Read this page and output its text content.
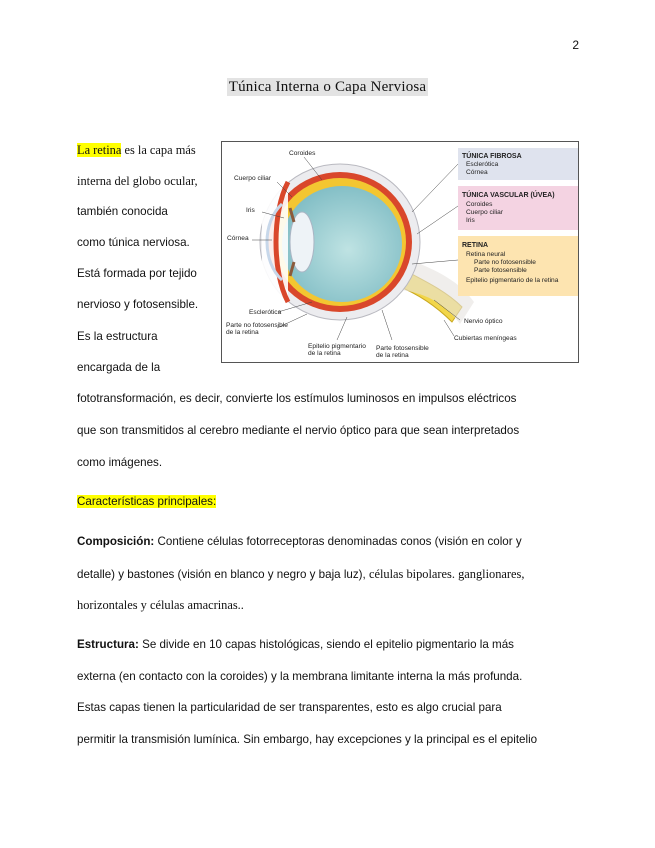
2
Túnica Interna o Capa Nerviosa
La retina es la capa más
interna del globo ocular,
también conocida
como túnica nerviosa.
Está formada por tejido
nervioso y fotosensible.
Es la estructura
encargada de la
fototransformación, es decir, convierte los estímulos luminosos en impulsos eléctricos
que son transmitidos al cerebro mediante el nervio óptico para que sean interpretados
como imágenes.
Características principales:
Composición: Contiene células fotorreceptoras denominadas conos (visión en color y
detalle) y bastones (visión en blanco y negro y baja luz), células bipolares. ganglionares,
horizontales y células amacrinas..
Estructura: Se divide en 10 capas histológicas, siendo el epitelio pigmentario la más
externa (en contacto con la coroides) y la membrana limitante interna la más profunda.
Estas capas tienen la particularidad de ser transparentes, esto es algo crucial para
permitir la transmisión lumínica. Sin embargo, hay excepciones y la principal es el epitelio
Coroides
Cuerpo ciliar
Iris
Córnea
Esclerótica
Parte no fotosensible
de la retina
Epitelio pigmentario
de la retina
Parte fotosensible
de la retina
Nervio óptico
Cubiertas meníngeas
TÚNICA FIBROSA
Esclerótica
Córnea
TÚNICA VASCULAR (ÚVEA)
Coroides
Cuerpo ciliar
Iris
RETINA
Retina neural
Parte no fotosensible
Parte fotosensible
Epitelio pigmentario de la retina
